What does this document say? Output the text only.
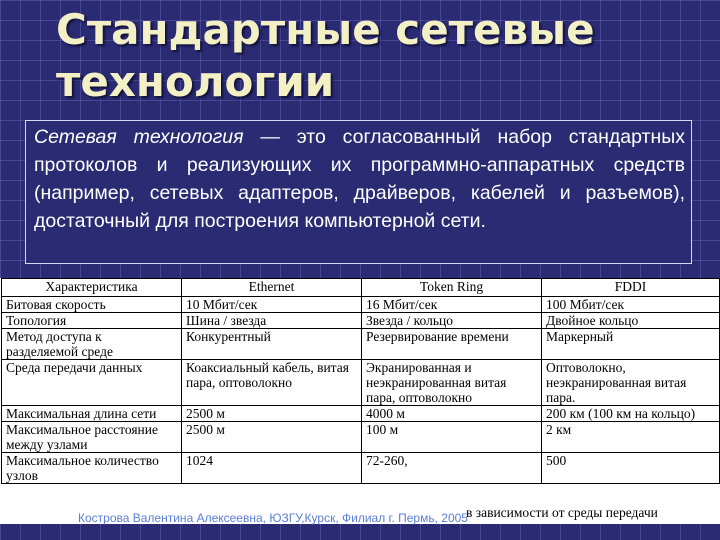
Стандартные сетевые
технологии
Сетевая технология — это согласованный набор стандартных протоколов и реализующих их программно-аппаратных средств (например, сетевых адаптеров, драйверов, кабелей и разъемов), достаточный для построения компьютерной сети.
Характеристика	Ethernet	Token Ring	FDDI
Битовая скорость	10 Мбит/сек	16 Мбит/сек	100 Мбит/сек
Топология	Шина / звезда	Звезда / кольцо	Двойное кольцо
Метод доступа к разделяемой среде	Конкурентный	Резервирование времени	Маркерный
Среда передачи данных	Коаксиальный кабель, витая пара, оптоволокно	Экранированная и неэкранированная витая пара, оптоволокно	Оптоволокно, неэкранированная витая пара.
Максимальная длина сети	2500 м	4000 м	200 км (100 км на кольцо)
Максимальное расстояние между узлами	2500 м	100 м	2 км
Максимальное количество узлов	1024	72-260,	500
Кострова Валентина Алексеевна, ЮЗГУ,Курск, Филиал г. Пермь, 2005
в зависимости от среды передачи
